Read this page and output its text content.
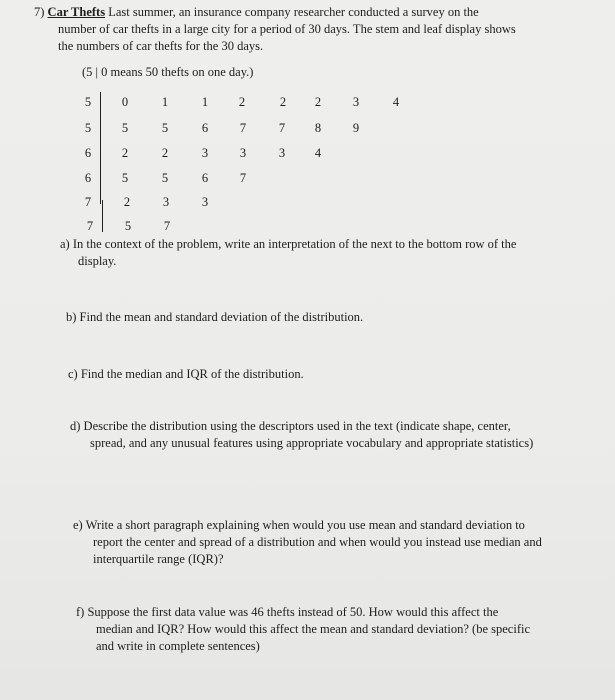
7) Car Thefts Last summer, an insurance company researcher conducted a survey on the
number of car thefts in a large city for a period of 30 days. The stem and leaf display shows
the numbers of car thefts for the 30 days.
(5 | 0 means 50 thefts on one day.)
5	0	1	1	2	2	2	3	4
5	5	5	6	7	7	8	9
6	2	2	3	3	3	4
6	5	5	6	7
7	2	3	3
7	5	7
a) In the context of the problem, write an interpretation of the next to the bottom row of the
display.
b) Find the mean and standard deviation of the distribution.
c) Find the median and IQR of the distribution.
d) Describe the distribution using the descriptors used in the text (indicate shape, center,
spread, and any unusual features using appropriate vocabulary and appropriate statistics)
e) Write a short paragraph explaining when would you use mean and standard deviation to
report the center and spread of a distribution and when would you instead use median and
interquartile range (IQR)?
f) Suppose the first data value was 46 thefts instead of 50. How would this affect the
median and IQR? How would this affect the mean and standard deviation? (be specific
and write in complete sentences)
